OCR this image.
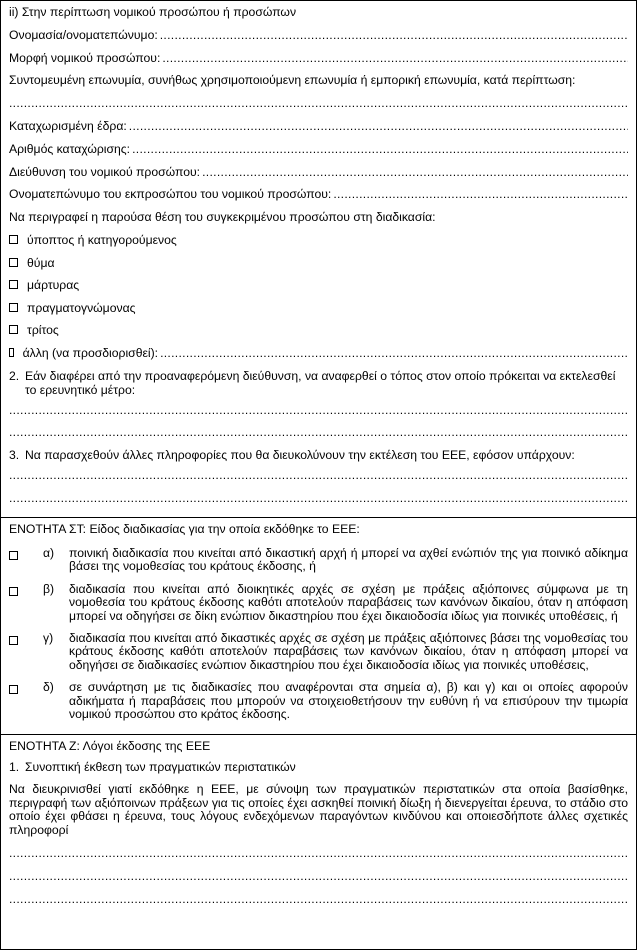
ii) Στην περίπτωση νομικού προσώπου ή προσώπων
Ονομασία/ονοματεπώνυμο:
.....
Μορφή νομικού προσώπου:
.....
Συντομευμένη επωνυμία, συνήθως χρησιμοποιούμενη επωνυμία ή εμπορική επωνυμία, κατά περίπτωση:
.....
Καταχωρισμένη έδρα:
.....
Αριθμός καταχώρισης:
.....
Διεύθυνση του νομικού προσώπου:
.....
Ονοματεπώνυμο του εκπροσώπου του νομικού προσώπου:
.....
Να περιγραφεί η παρούσα θέση του συγκεκριμένου προσώπου στη διαδικασία:
ύποπτος ή κατηγορούμενος
θύμα
μάρτυρας
πραγματογνώμονας
τρίτος
άλλη (να προσδιορισθεί):
.....
2. Εάν διαφέρει από την προαναφερόμενη διεύθυνση, να αναφερθεί ο τόπος στον οποίο πρόκειται να εκτελεσθεί το ερευνητικό μέτρο:
.....
.....
3. Να παρασχεθούν άλλες πληροφορίες που θα διευκολύνουν την εκτέλεση του ΕΕΕ, εφόσον υπάρχουν:
.....
.....
ΕΝΟΤΗΤΑ ΣΤ: Είδος διαδικασίας για την οποία εκδόθηκε το ΕΕΕ:
α)	ποινική διαδικασία που κινείται από δικαστική αρχή ή μπορεί να αχθεί ενώπιόν της για ποινικό αδίκημα βάσει της νομοθεσίας του κράτους έκδοσης, ή
β)	διαδικασία που κινείται από διοικητικές αρχές σε σχέση με πράξεις αξιόποινες σύμφωνα με τη νομοθεσία του κράτους έκδοσης καθότι αποτελούν παραβάσεις των κανόνων δικαίου, όταν η απόφαση μπορεί να οδηγήσει σε δίκη ενώπιον δικαστηρίου που έχει δικαιοδοσία ιδίως για ποινικές υποθέσεις, ή
γ)	διαδικασία που κινείται από δικαστικές αρχές σε σχέση με πράξεις αξιόποινες βάσει της νομοθεσίας του κράτους έκδοσης καθότι αποτελούν παραβάσεις των κανόνων δικαίου, όταν η απόφαση μπορεί να οδηγήσει σε διαδικασίες ενώπιον δικαστηρίου που έχει δικαιοδοσία ιδίως για ποινικές υποθέσεις,
δ)	σε συνάρτηση με τις διαδικασίες που αναφέρονται στα σημεία α), β) και γ) και οι οποίες αφορούν αδικήματα ή παραβάσεις που μπορούν να στοιχειοθετήσουν την ευθύνη ή να επισύρουν την τιμωρία νομικού προσώπου στο κράτος έκδοσης.
ΕΝΟΤΗΤΑ Ζ: Λόγοι έκδοσης της ΕΕΕ
1. Συνοπτική έκθεση των πραγματικών περιστατικών
Να διευκρινισθεί γιατί εκδόθηκε η ΕΕΕ, με σύνοψη των πραγματικών περιστατικών στα οποία βασίσθηκε, περιγραφή των αξιόποινων πράξεων για τις οποίες έχει ασκηθεί ποινική δίωξη ή διενεργείται έρευνα, το στάδιο στο οποίο έχει φθάσει η έρευνα, τους λόγους ενδεχόμενων παραγόντων κινδύνου και οποιεσδήποτε άλλες σχετικές πληροφορί
.....
.....
.....
